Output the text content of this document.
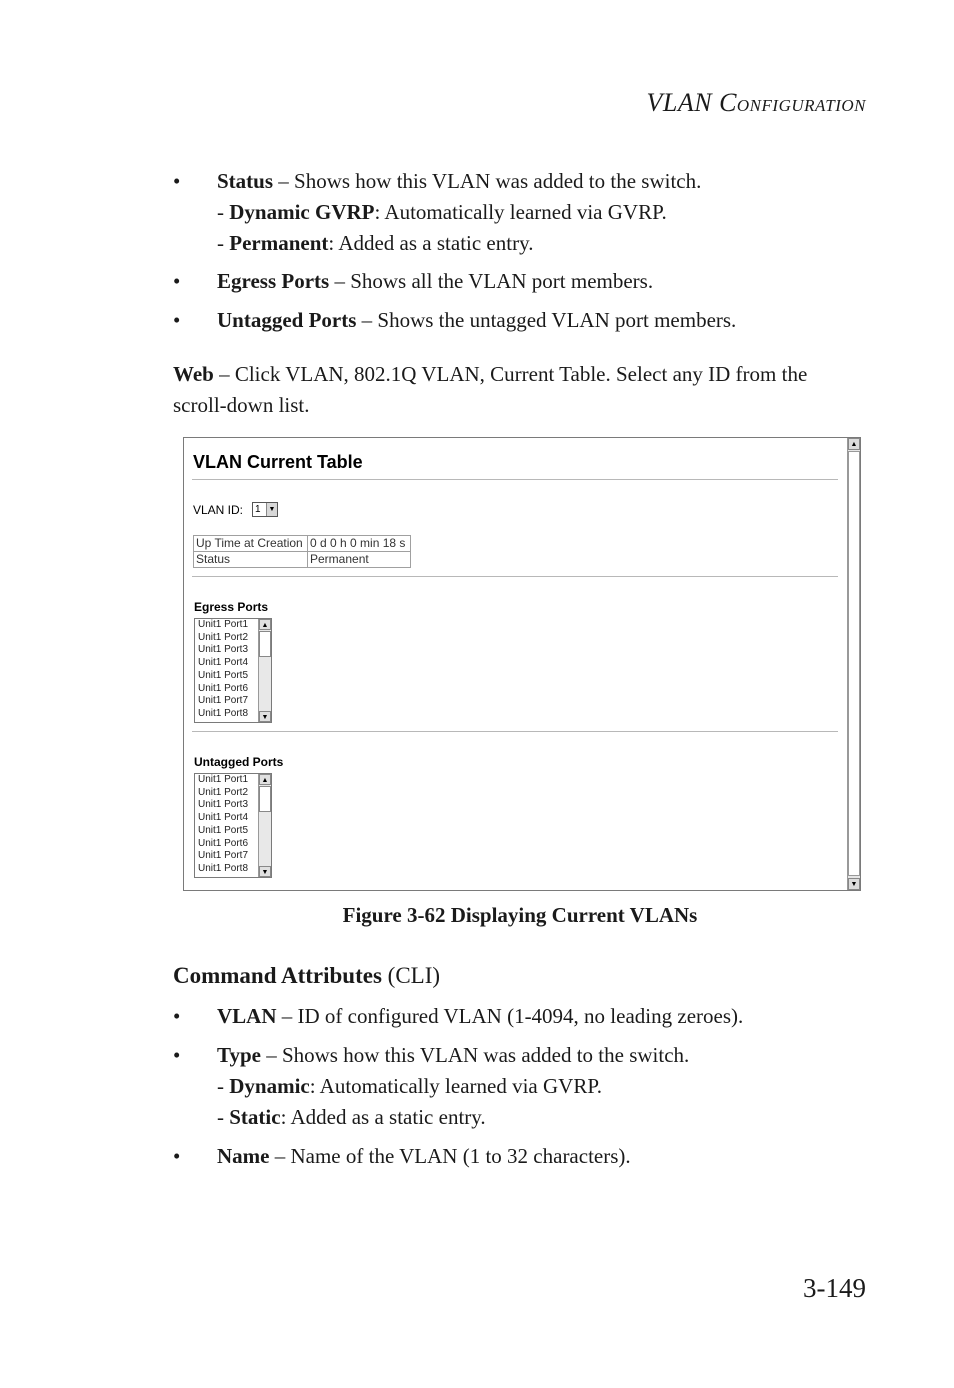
VLAN CONFIGURATION
• Status – Shows how this VLAN was added to the switch.
- Dynamic GVRP: Automatically learned via GVRP.
- Permanent: Added as a static entry.
• Egress Ports – Shows all the VLAN port members.
• Untagged Ports – Shows the untagged VLAN port members.
Web – Click VLAN, 802.1Q VLAN, Current Table. Select any ID from the scroll-down list.
VLAN Current Table
VLAN ID: 1	▼
Up Time at Creation	0 d 0 h 0 min 18 s
Status	Permanent
Egress Ports
Unit1 Port1
Unit1 Port2
Unit1 Port3
Unit1 Port4
Unit1 Port5
Unit1 Port6
Unit1 Port7
Unit1 Port8
▲
▼
Untagged Ports
Unit1 Port1
Unit1 Port2
Unit1 Port3
Unit1 Port4
Unit1 Port5
Unit1 Port6
Unit1 Port7
Unit1 Port8
▲
▼
▲
▼
Figure 3-62 Displaying Current VLANs
Command Attributes (CLI)
• VLAN – ID of configured VLAN (1-4094, no leading zeroes).
• Type – Shows how this VLAN was added to the switch.
- Dynamic: Automatically learned via GVRP.
- Static: Added as a static entry.
• Name – Name of the VLAN (1 to 32 characters).
3-149
